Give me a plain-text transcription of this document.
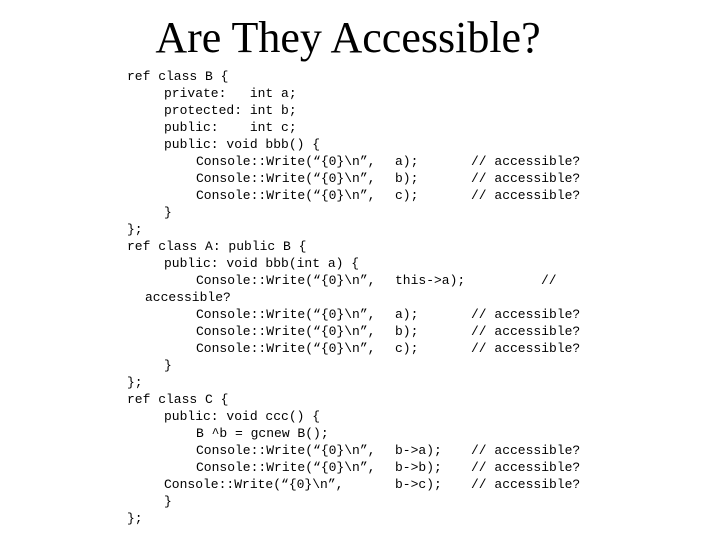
Are They Accessible?
ref class B {
private:   int a;
protected: int b;
public:    int c;
public: void bbb() {
Console::Write(“{0}\n”, a);	// accessible?
Console::Write(“{0}\n”, b);	// accessible?
Console::Write(“{0}\n”, c);	// accessible?
}
};
ref class A: public B {
public: void bbb(int a) {
Console::Write(“{0}\n”, this->a);	//
accessible?
Console::Write(“{0}\n”, a);	// accessible?
Console::Write(“{0}\n”, b);	// accessible?
Console::Write(“{0}\n”, c);	// accessible?
}
};
ref class C {
public: void ccc() {
B ^b = gcnew B();
Console::Write(“{0}\n”, b->a); // accessible?
Console::Write(“{0}\n”, b->b); // accessible?
Console::Write(“{0}\n”,	b->c); // accessible?
}
};
